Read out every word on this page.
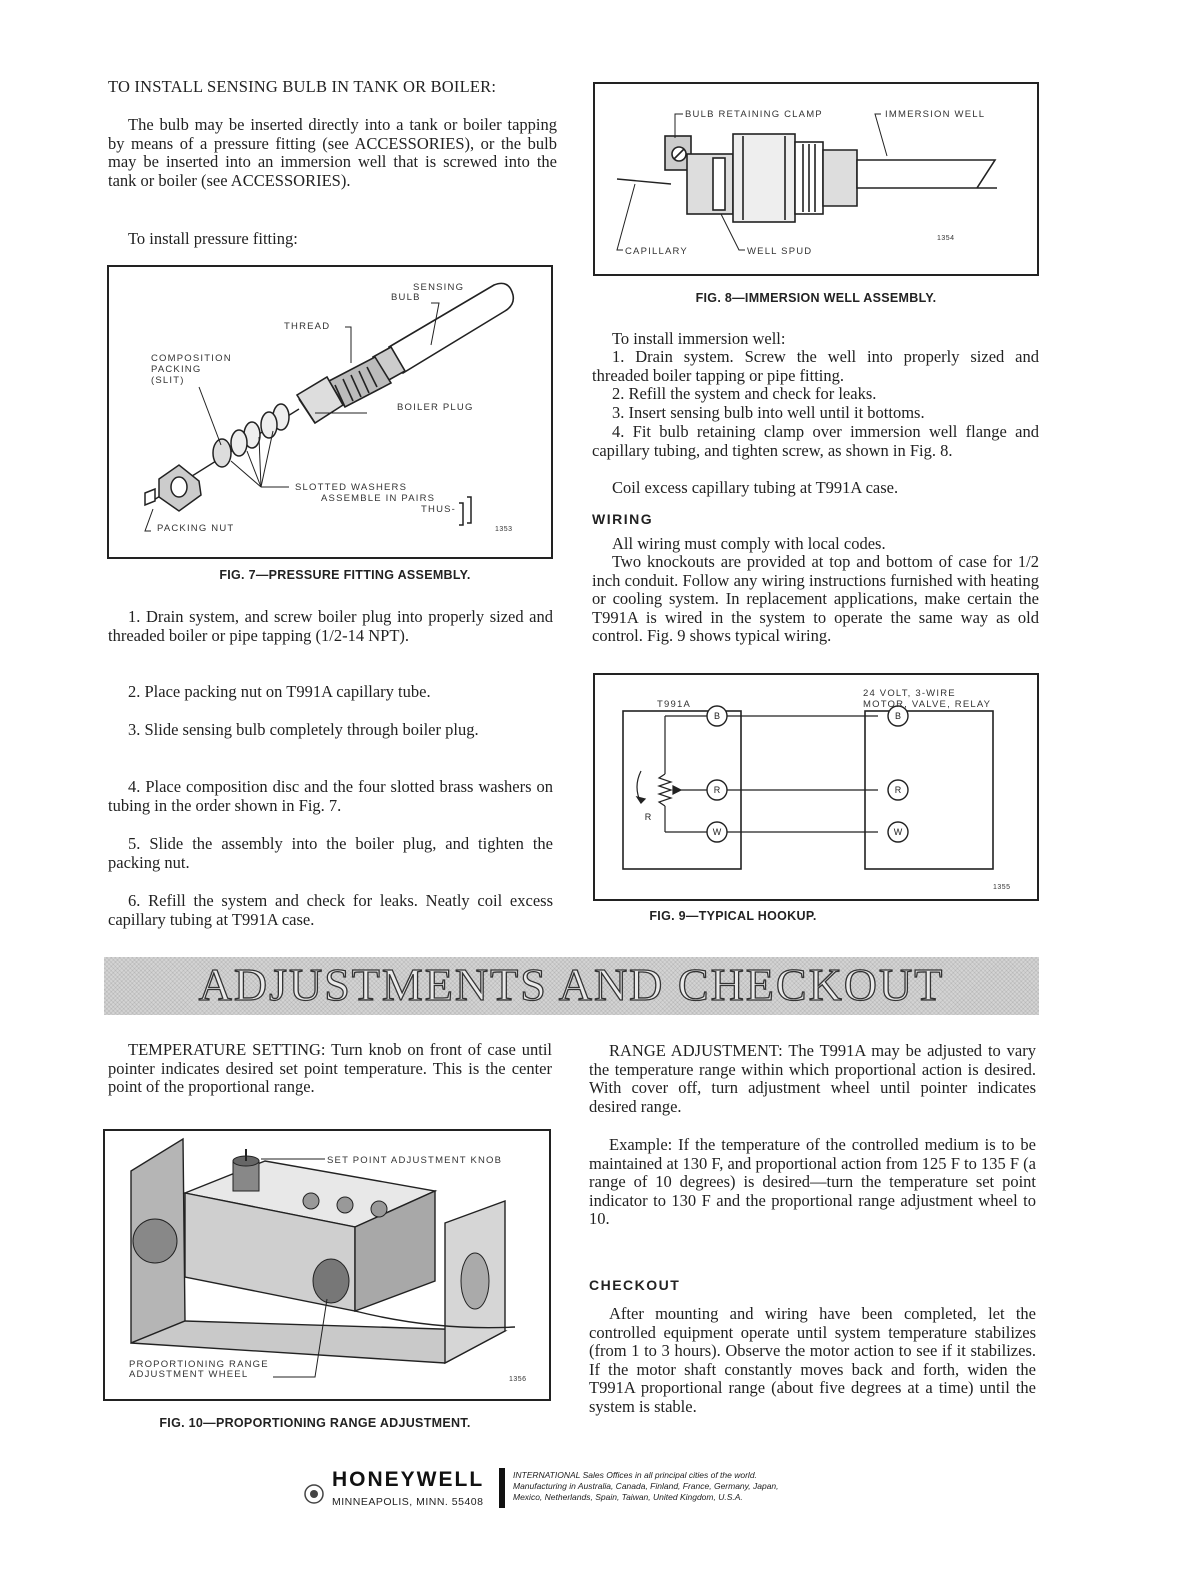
TO INSTALL SENSING BULB IN TANK OR BOILER:

The bulb may be inserted directly into a tank or boiler tapping by means of a pressure fitting (see ACCESSORIES), or the bulb may be inserted into an immersion well that is screwed into the tank or boiler (see ACCESSORIES).

To install pressure fitting:

SENSING
BULB
THREAD
COMPOSITION
PACKING
(SLIT)
BOILER PLUG
SLOTTED WASHERS
ASSEMBLE IN PAIRS
THUS-
PACKING NUT	1353
FIG. 7—PRESSURE FITTING ASSEMBLY.

1. Drain system, and screw boiler plug into properly sized and threaded boiler or pipe tapping (1/2-14 NPT).

2. Place packing nut on T991A capillary tube.

3. Slide sensing bulb completely through boiler plug.

4. Place composition disc and the four slotted brass washers on tubing in the order shown in Fig. 7.

5. Slide the assembly into the boiler plug, and tighten the packing nut.

6. Refill the system and check for leaks. Neatly coil excess capillary tubing at T991A case.

BULB RETAINING CLAMP	IMMERSION WELL
CAPILLARY	WELL SPUD
1354
FIG. 8—IMMERSION WELL ASSEMBLY.

To install immersion well:

1. Drain system. Screw the well into properly sized and threaded boiler tapping or pipe fitting.

2. Refill the system and check for leaks.

3. Insert sensing bulb into well until it bottoms.

4. Fit bulb retaining clamp over immersion well flange and capillary tubing, and tighten screw, as shown in Fig. 8.

Coil excess capillary tubing at T991A case.

WIRING

All wiring must comply with local codes.

Two knockouts are provided at top and bottom of case for 1/2 inch conduit. Follow any wiring instructions furnished with heating or cooling system. In replacement applications, make certain the T991A is wired in the system to operate the same way as old control. Fig. 9 shows typical wiring.

B
R
W
B
R
W
R
T991A
24 VOLT, 3-WIRE
MOTOR, VALVE, RELAY
1355
FIG. 9—TYPICAL HOOKUP.
ADJUSTMENTS AND CHECKOUT

TEMPERATURE SETTING: Turn knob on front of case until pointer indicates desired set point temperature. This is the center point of the proportional range.

SET POINT ADJUSTMENT KNOB
PROPORTIONING RANGE
ADJUSTMENT WHEEL	1356
FIG. 10—PROPORTIONING RANGE ADJUSTMENT.

RANGE ADJUSTMENT: The T991A may be adjusted to vary the temperature range within which proportional action is desired. With cover off, turn adjustment wheel until pointer indicates desired range.

Example: If the temperature of the controlled medium is to be maintained at 130 F, and proportional action from 125 F to 135 F (a range of 10 degrees) is desired—turn the temperature set point indicator to 130 F and the proportional range adjustment wheel to 10.

CHECKOUT

After mounting and wiring have been completed, let the controlled equipment operate until system temperature stabilizes (from 1 to 3 hours). Observe the motor action to see if it stabilizes. If the motor shaft constantly moves back and forth, widen the T991A proportional range (about five degrees at a time) until the system is stable.

HONEYWELL
MINNEAPOLIS, MINN. 55408
INTERNATIONAL Sales Offices in all principal cities of the world.
Manufacturing in Australia, Canada, Finland, France, Germany, Japan,
Mexico, Netherlands, Spain, Taiwan, United Kingdom, U.S.A.
